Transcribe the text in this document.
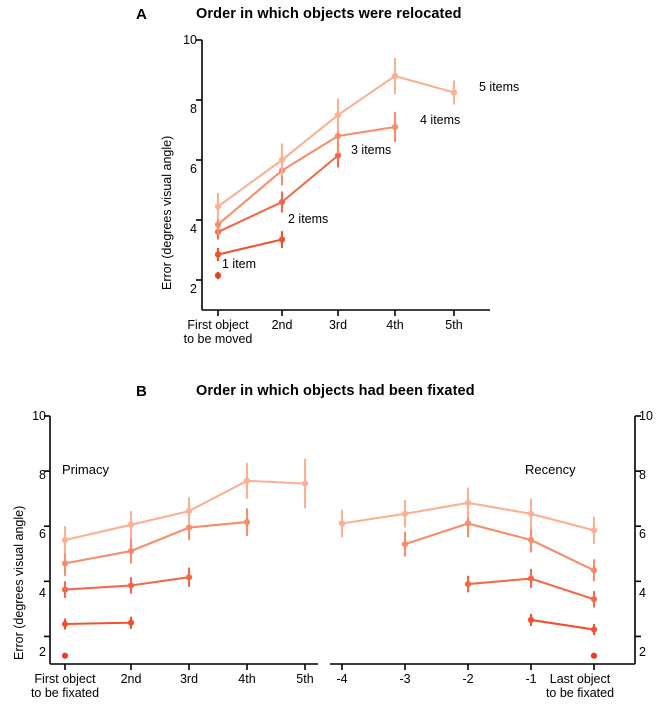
A	Order in which objects were relocated
Error (degrees visual angle)	2
4
6
8
10
First object
to be moved
2nd	3rd	4th	5th
1 item
2 items
3 items
4 items
5 items
B	Order in which objects had been fixated
Error (degrees visual angle)	2
4
6
8
10
2
4
6
8
10
Primacy	Recency
First object
to be fixated
2nd	3rd	4th	5th	-4	-3	-2	-1	Last object
to be fixated
